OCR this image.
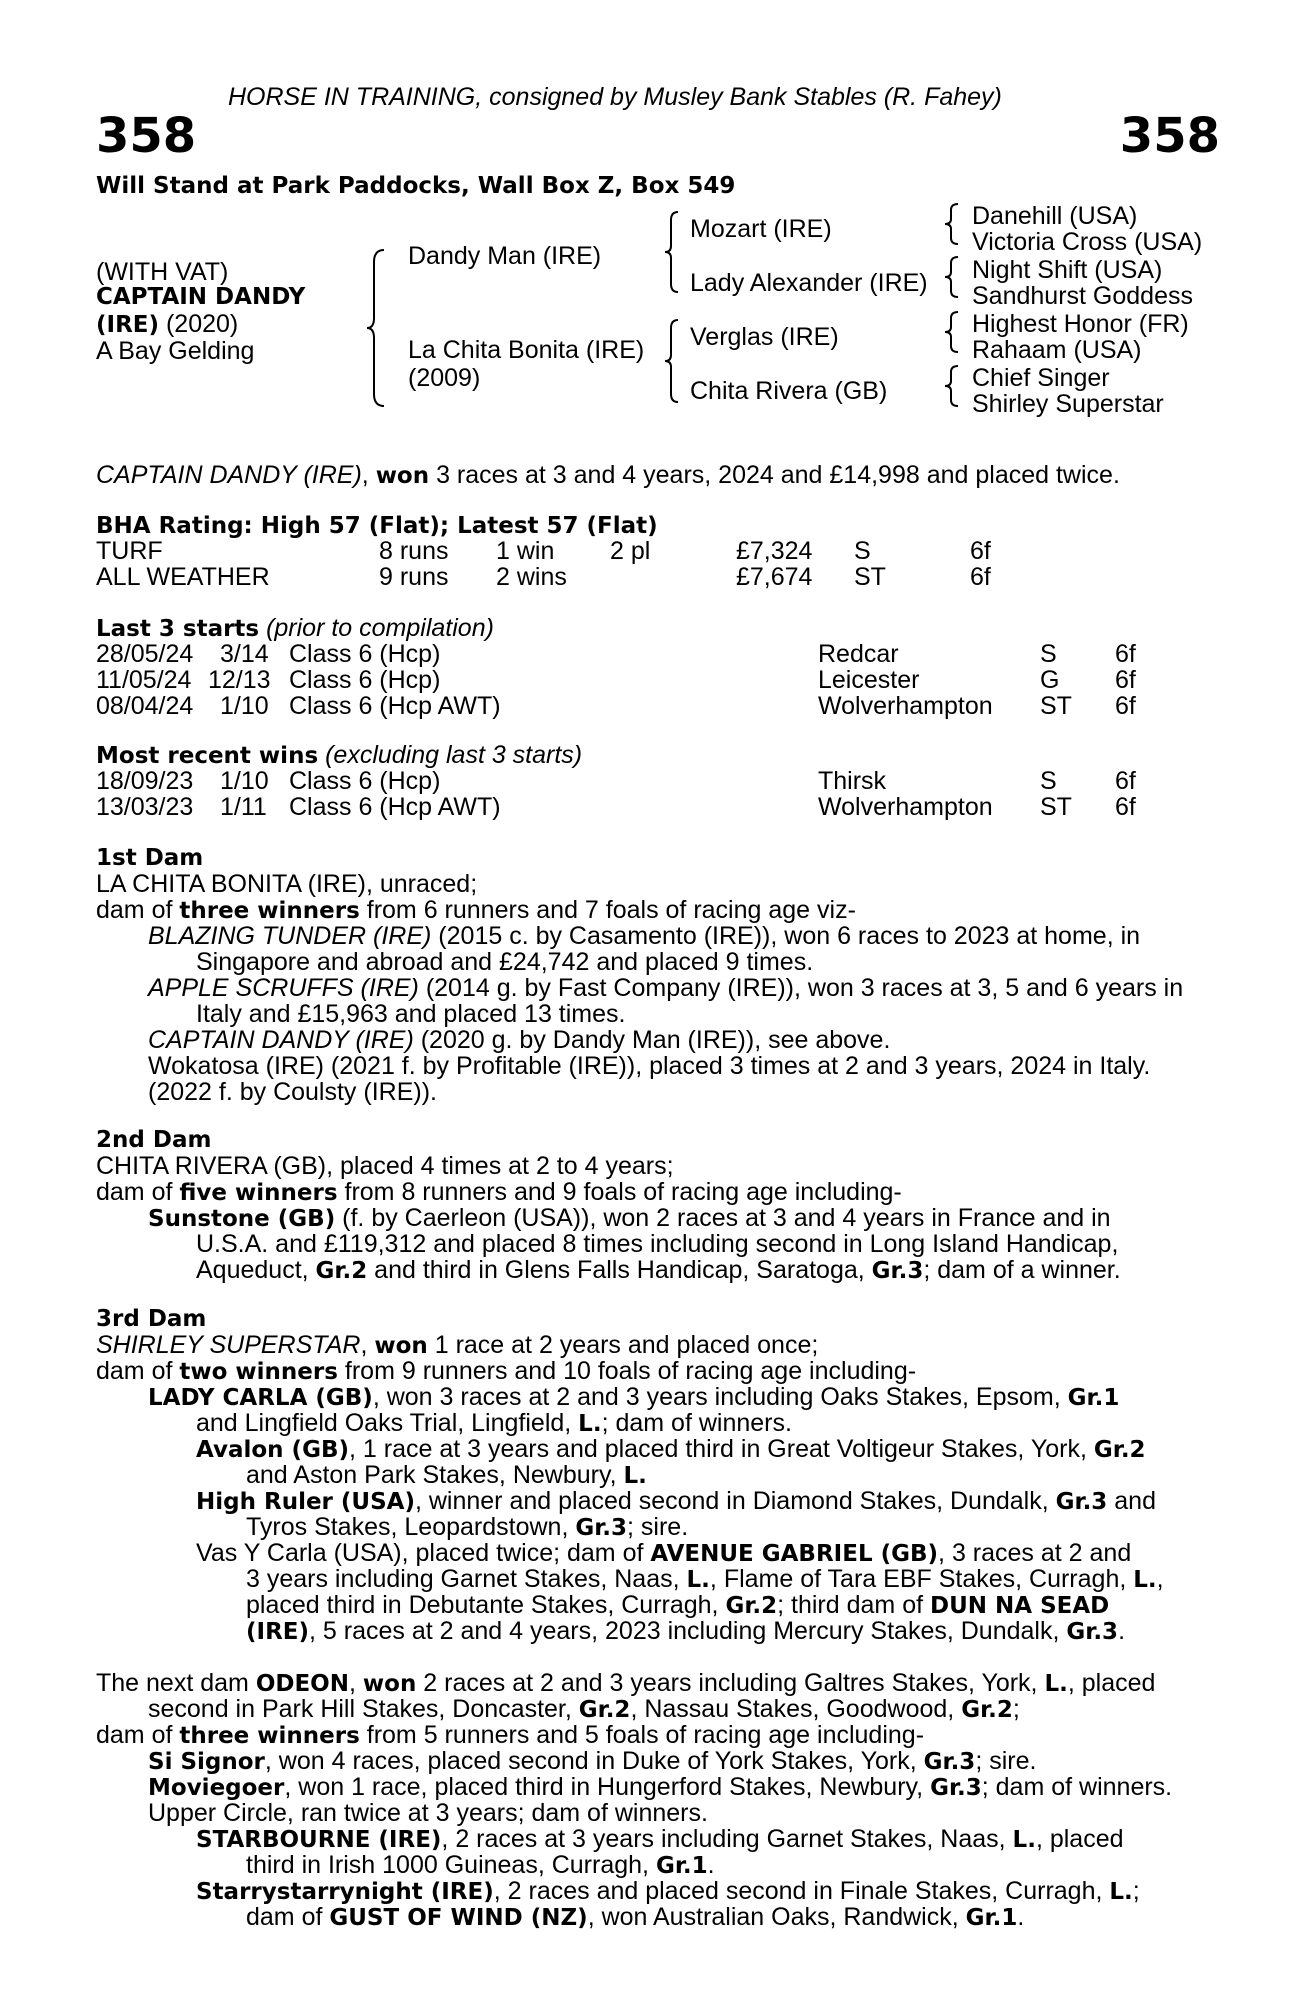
HORSE IN TRAINING, consigned by Musley Bank Stables (R. Fahey)
358	358
Will Stand at Park Paddocks, Wall Box Z, Box 549
(WITH VAT)
CAPTAIN DANDY
(IRE) (2020)
A Bay Gelding
Dandy Man (IRE)
La Chita Bonita (IRE)
(2009)
Mozart (IRE)
Lady Alexander (IRE)
Verglas (IRE)
Chita Rivera (GB)
Danehill (USA)
Victoria Cross (USA)
Night Shift (USA)
Sandhurst Goddess
Highest Honor (FR)
Rahaam (USA)
Chief Singer
Shirley Superstar
CAPTAIN DANDY (IRE), won 3 races at 3 and 4 years, 2024 and £14,998 and placed twice.
BHA Rating: High 57 (Flat); Latest 57 (Flat)
TURF	8 runs 1 win 2 pl	£7,324 S	6f
ALL WEATHER	9 runs 2 wins	£7,674 ST	6f
Last 3 starts (prior to compilation)
28/05/24 3/14 Class 6 (Hcp)	Redcar	S 6f
11/05/24 12/13 Class 6 (Hcp)	Leicester	G 6f
08/04/24 1/10 Class 6 (Hcp AWT)	Wolverhampton ST 6f
Most recent wins (excluding last 3 starts)
18/09/23 1/10 Class 6 (Hcp)	Thirsk	S 6f
13/03/23 1/11 Class 6 (Hcp AWT)	Wolverhampton ST 6f
1st Dam
LA CHITA BONITA (IRE), unraced;
dam of three winners from 6 runners and 7 foals of racing age viz-
BLAZING TUNDER (IRE) (2015 c. by Casamento (IRE)), won 6 races to 2023 at home, in
Singapore and abroad and £24,742 and placed 9 times.
APPLE SCRUFFS (IRE) (2014 g. by Fast Company (IRE)), won 3 races at 3, 5 and 6 years in
Italy and £15,963 and placed 13 times.
CAPTAIN DANDY (IRE) (2020 g. by Dandy Man (IRE)), see above.
Wokatosa (IRE) (2021 f. by Profitable (IRE)), placed 3 times at 2 and 3 years, 2024 in Italy.
(2022 f. by Coulsty (IRE)).
2nd Dam
CHITA RIVERA (GB), placed 4 times at 2 to 4 years;
dam of five winners from 8 runners and 9 foals of racing age including-
Sunstone (GB) (f. by Caerleon (USA)), won 2 races at 3 and 4 years in France and in
U.S.A. and £119,312 and placed 8 times including second in Long Island Handicap,
Aqueduct, Gr.2 and third in Glens Falls Handicap, Saratoga, Gr.3; dam of a winner.
3rd Dam
SHIRLEY SUPERSTAR, won 1 race at 2 years and placed once;
dam of two winners from 9 runners and 10 foals of racing age including-
LADY CARLA (GB), won 3 races at 2 and 3 years including Oaks Stakes, Epsom, Gr.1
and Lingfield Oaks Trial, Lingfield, L.; dam of winners.
Avalon (GB), 1 race at 3 years and placed third in Great Voltigeur Stakes, York, Gr.2
and Aston Park Stakes, Newbury, L.
High Ruler (USA), winner and placed second in Diamond Stakes, Dundalk, Gr.3 and
Tyros Stakes, Leopardstown, Gr.3; sire.
Vas Y Carla (USA), placed twice; dam of AVENUE GABRIEL (GB), 3 races at 2 and
3 years including Garnet Stakes, Naas, L., Flame of Tara EBF Stakes, Curragh, L.,
placed third in Debutante Stakes, Curragh, Gr.2; third dam of DUN NA SEAD
(IRE), 5 races at 2 and 4 years, 2023 including Mercury Stakes, Dundalk, Gr.3.
The next dam ODEON, won 2 races at 2 and 3 years including Galtres Stakes, York, L., placed
second in Park Hill Stakes, Doncaster, Gr.2, Nassau Stakes, Goodwood, Gr.2;
dam of three winners from 5 runners and 5 foals of racing age including-
Si Signor, won 4 races, placed second in Duke of York Stakes, York, Gr.3; sire.
Moviegoer, won 1 race, placed third in Hungerford Stakes, Newbury, Gr.3; dam of winners.
Upper Circle, ran twice at 3 years; dam of winners.
STARBOURNE (IRE), 2 races at 3 years including Garnet Stakes, Naas, L., placed
third in Irish 1000 Guineas, Curragh, Gr.1.
Starrystarrynight (IRE), 2 races and placed second in Finale Stakes, Curragh, L.;
dam of GUST OF WIND (NZ), won Australian Oaks, Randwick, Gr.1.
